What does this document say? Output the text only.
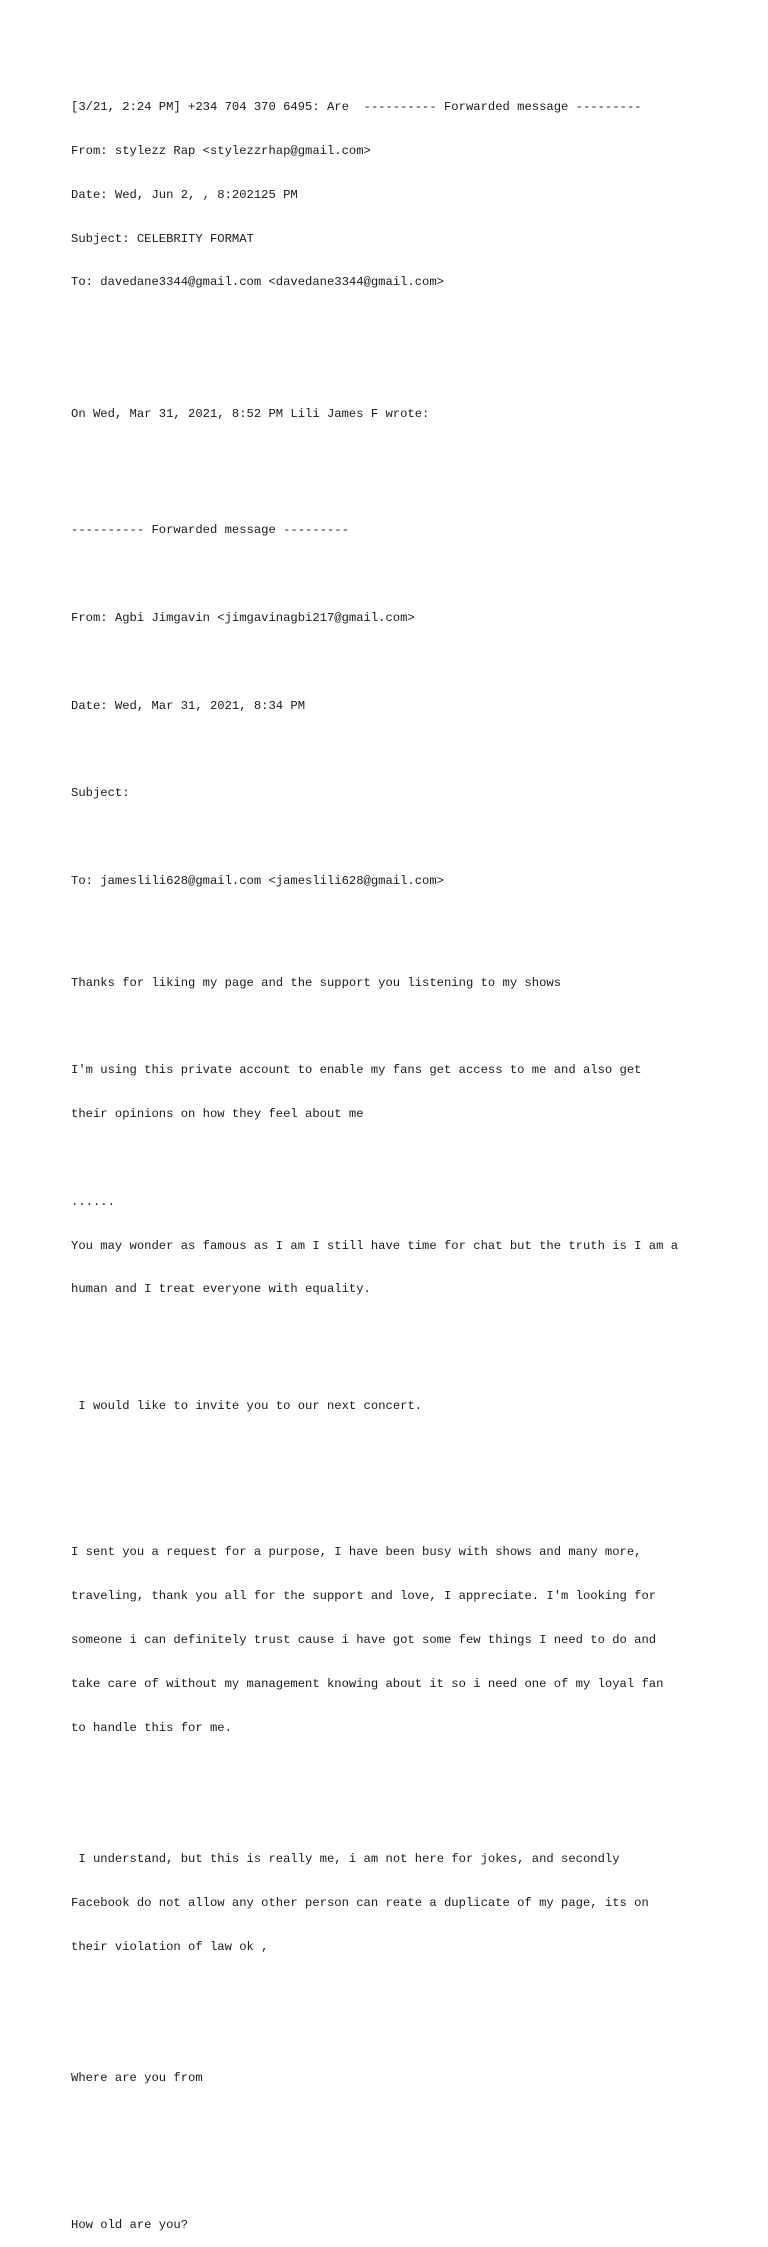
[3/21, 2:24 PM] +234 704 370 6495: Are  ---------- Forwarded message ---------

From: stylezz Rap <stylezzrhap@gmail.com>

Date: Wed, Jun 2, , 8:202125 PM

Subject: CELEBRITY FORMAT

To: davedane3344@gmail.com <davedane3344@gmail.com>

On Wed, Mar 31, 2021, 8:52 PM Lili James F wrote:

---------- Forwarded message ---------

From: Agbi Jimgavin <jimgavinagbi217@gmail.com>

Date: Wed, Mar 31, 2021, 8:34 PM

Subject:

To: jameslili628@gmail.com <jameslili628@gmail.com>

Thanks for liking my page and the support you listening to my shows

I'm using this private account to enable my fans get access to me and also get

their opinions on how they feel about me

......

You may wonder as famous as I am I still have time for chat but the truth is I am a

human and I treat everyone with equality.

I would like to invite you to our next concert.

I sent you a request for a purpose, I have been busy with shows and many more,

traveling, thank you all for the support and love, I appreciate. I'm looking for

someone i can definitely trust cause i have got some few things I need to do and

take care of without my management knowing about it so i need one of my loyal fan

to handle this for me.

I understand, but this is really me, i am not here for jokes, and secondly

Facebook do not allow any other person can reate a duplicate of my page, its on

their violation of law ok ,

Where are you from

How old are you?
